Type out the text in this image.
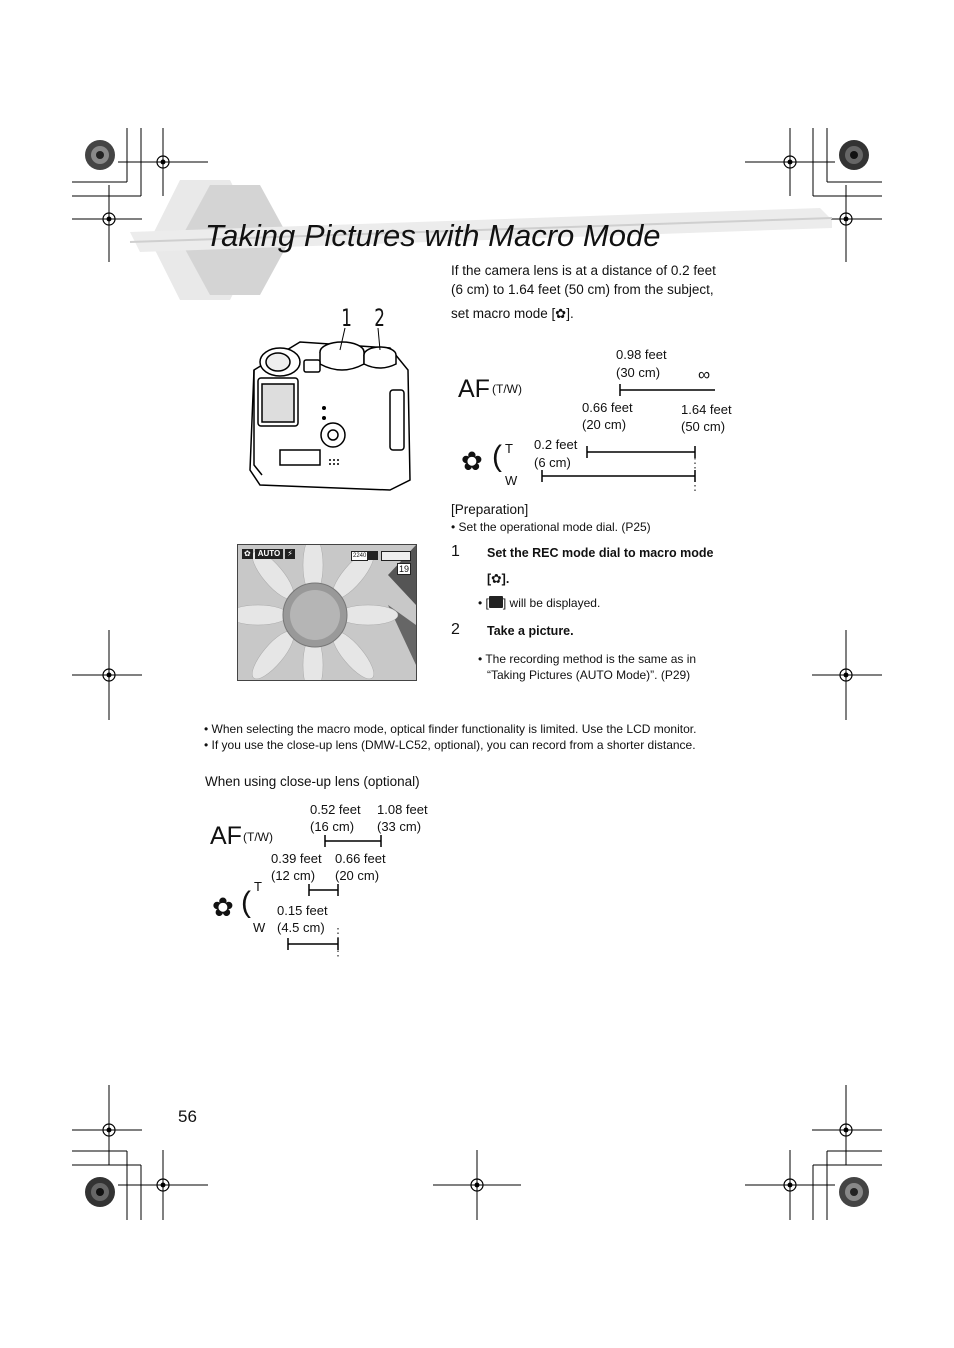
Taking Pictures with Macro Mode
If the camera lens is at a distance of 0.2 feet
(6 cm) to 1.64 feet (50 cm) from the subject,
set macro mode [✿].
1 2
✿ AUTO ⚡	2240
19
AF (T/W)
✿ ( T
W
0.98 feet
(30 cm) ∞
0.66 feet
(20 cm)
1.64 feet
(50 cm)
0.2 feet
(6 cm)
[Preparation]
• Set the operational mode dial. (P25)
1 Set the REC mode dial to macro mode
[✿].
• [ ] will be displayed.
2 Take a picture.
• The recording method is the same as in
“Taking Pictures (AUTO Mode)”. (P29)
• When selecting the macro mode, optical finder functionality is limited. Use the LCD monitor.
• If you use the close-up lens (DMW-LC52, optional), you can record from a shorter distance.
When using close-up lens (optional)
AF (T/W)
✿ ( T
W
0.52 feet
(16 cm)
1.08 feet
(33 cm)
0.39 feet
(12 cm)
0.66 feet
(20 cm)
0.15 feet
(4.5 cm)
56
